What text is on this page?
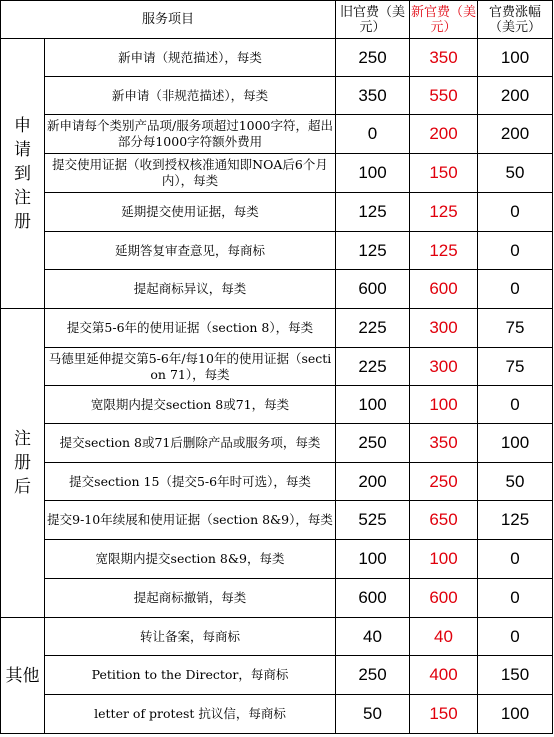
服务项目		旧官费（美元）	新官费（美元）	官费涨幅（美元）

申
请
到
注
册	新申请（规范描述），每类	250	350	100
	新申请（非规范描述），每类	350	550	200
	新申请每个类别产品项/服务项超过1000字符，超出部分每1000字符额外费用	0	200	200
	提交使用证据（收到授权核准通知即NOA后6个月内），每类	100	150	50
	延期提交使用证据，每类	125	125	0
	延期答复审查意见，每商标	125	125	0
	提起商标异议，每类	600	600	0

注
册
后	提交第5-6年的使用证据（section 8），每类	225	300	75
	马德里延伸提交第5-6年/每10年的使用证据（section 71），每类	225	300	75
	宽限期内提交section 8或71，每类	100	100	0
	提交section 8或71后删除产品或服务项，每类	250	350	100
	提交section 15（提交5-6年时可选），每类	200	250	50
	提交9-10年续展和使用证据（section 8&9），每类	525	650	125
	宽限期内提交section 8&9，每类	100	100	0
	提起商标撤销，每类	600	600	0

其他	转让备案，每商标	40	40	0
	Petition to the Director，每商标	250	400	150
	letter of protest 抗议信，每商标	50	150	100
